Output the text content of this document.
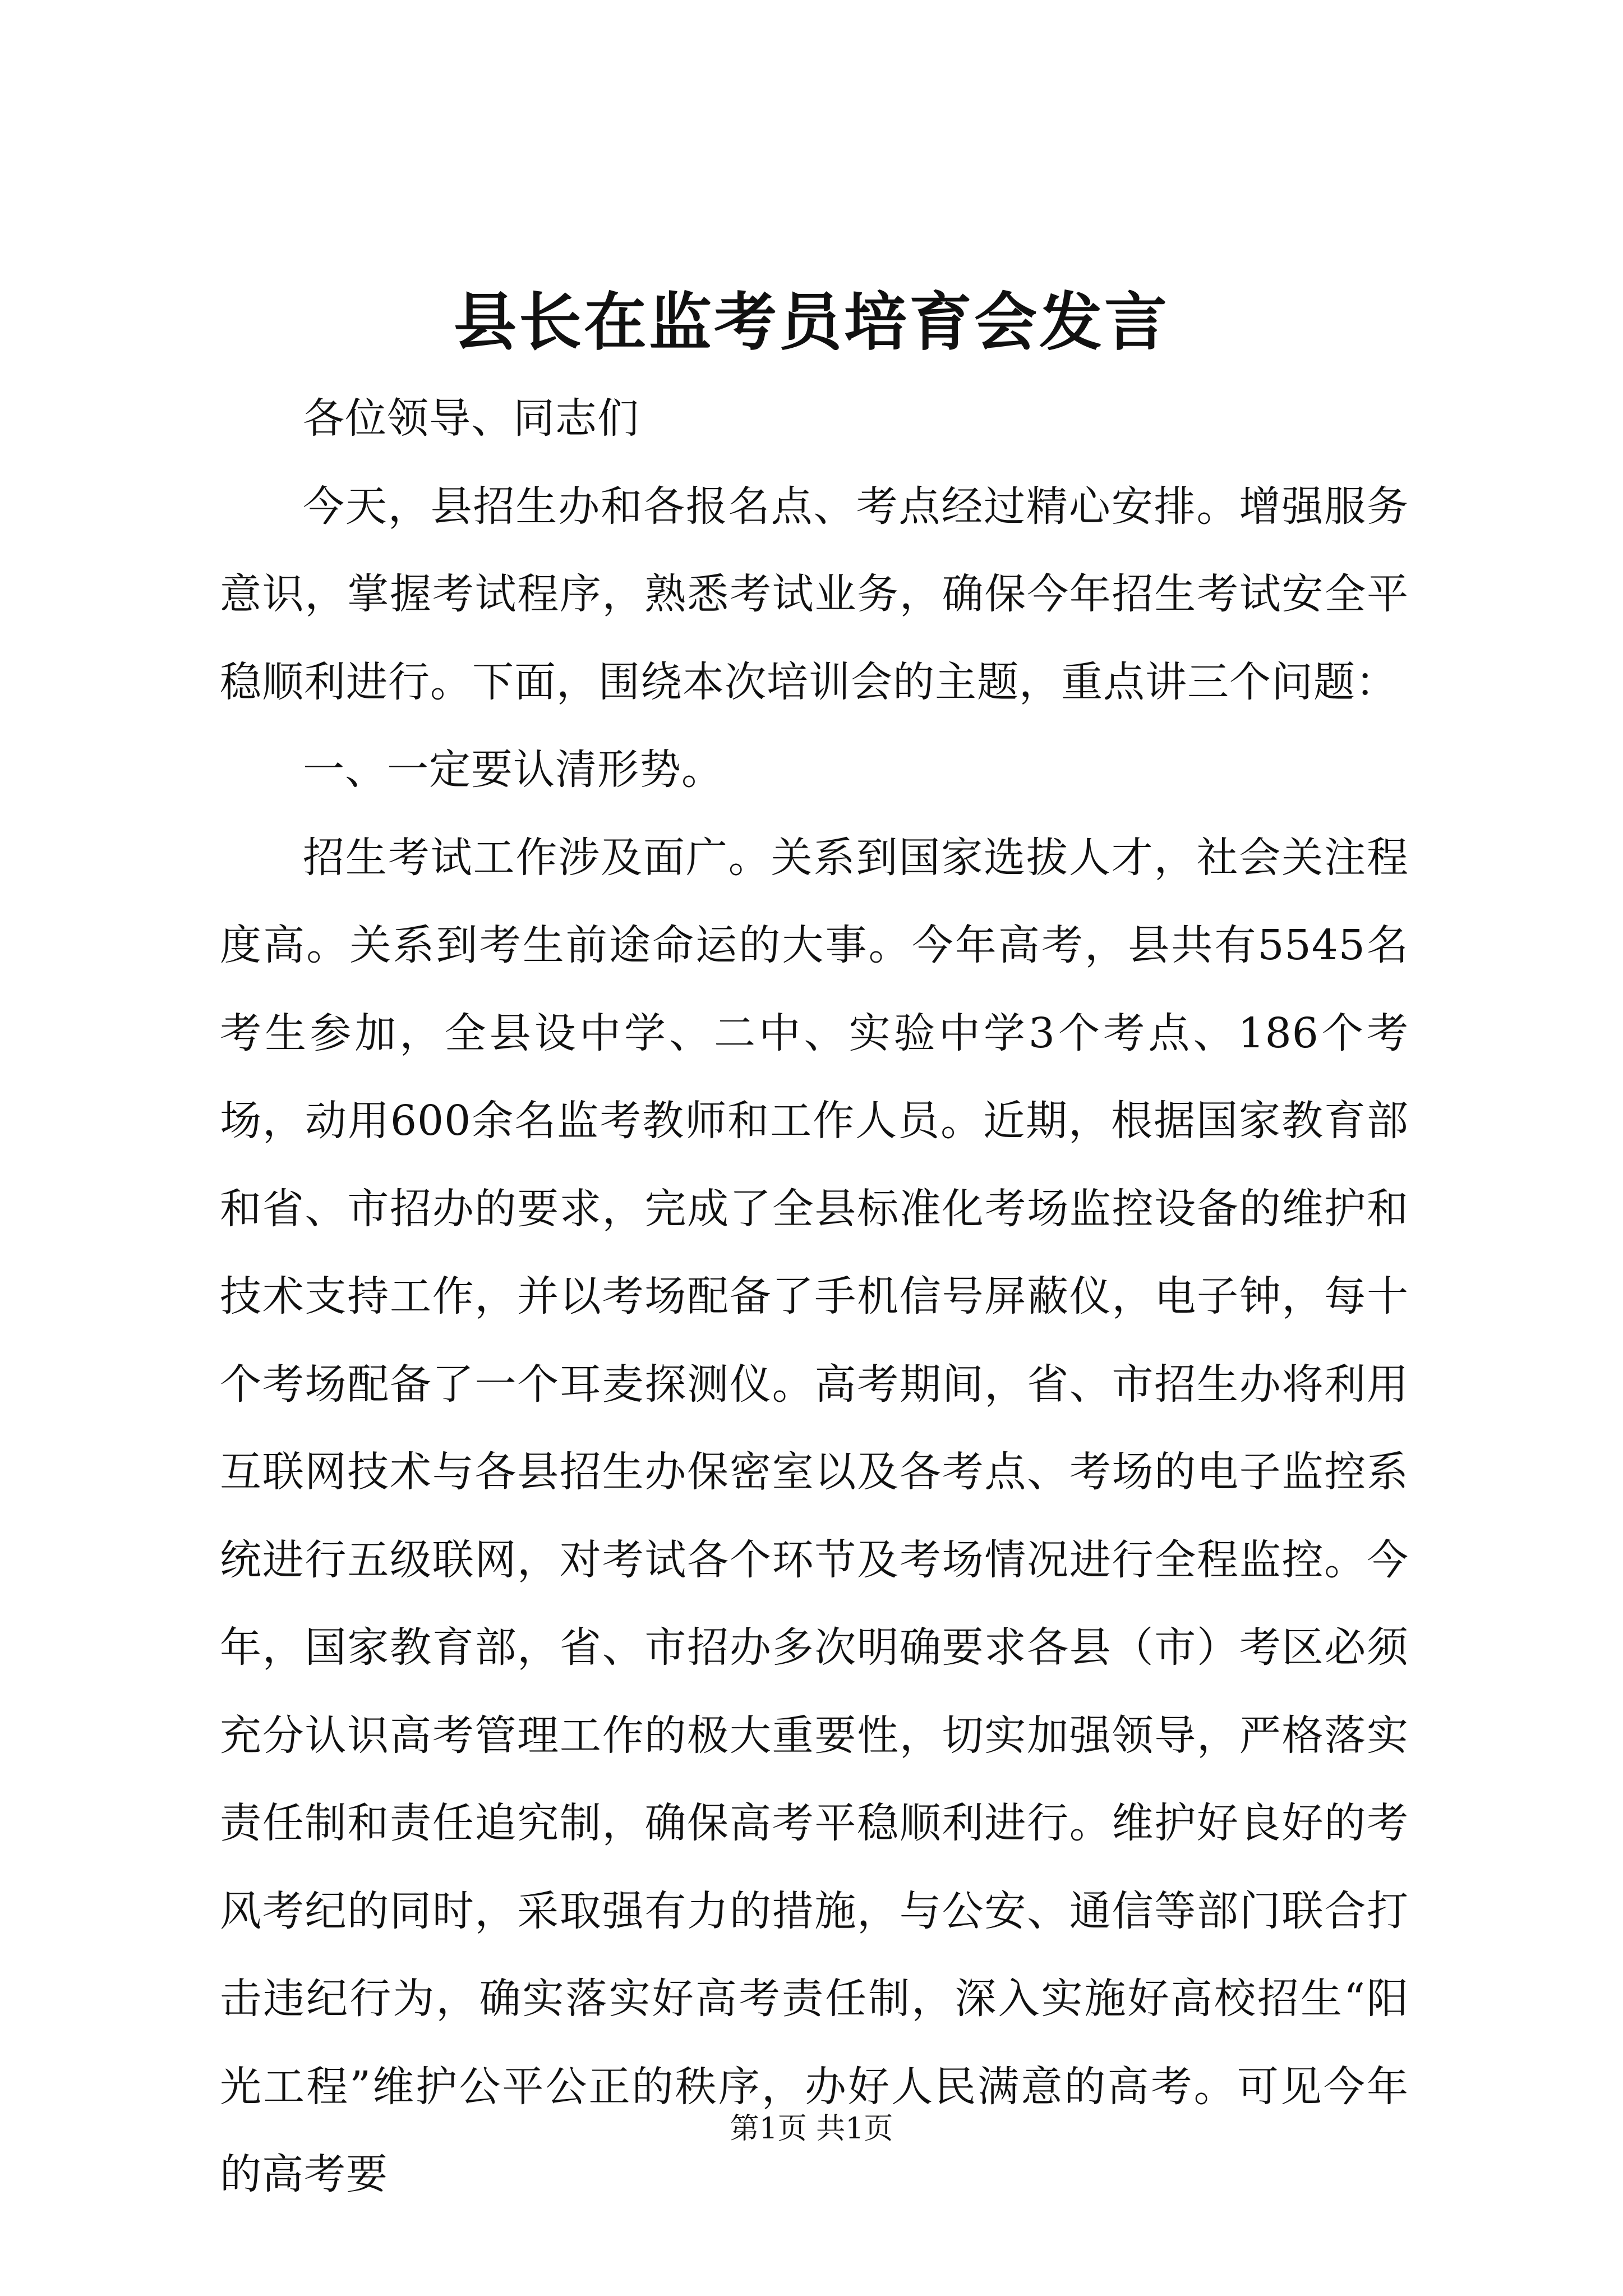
县长在监考员培育会发言

各位领导、同志们

今天，县招生办和各报名点、考点经过精心安排。增强服务意识，掌握考试程序，熟悉考试业务，确保今年招生考试安全平稳顺利进行。下面，围绕本次培训会的主题，重点讲三个问题：

一、一定要认清形势。

招生考试工作涉及面广。关系到国家选拔人才，社会关注程度高。关系到考生前途命运的大事。今年高考，县共有5545名考生参加，全县设中学、二中、实验中学3个考点、186个考场，动用600余名监考教师和工作人员。近期，根据国家教育部和省、市招办的要求，完成了全县标准化考场监控设备的维护和技术支持工作，并以考场配备了手机信号屏蔽仪，电子钟，每十个考场配备了一个耳麦探测仪。高考期间，省、市招生办将利用互联网技术与各县招生办保密室以及各考点、考场的电子监控系统进行五级联网，对考试各个环节及考场情况进行全程监控。今年，国家教育部，省、市招办多次明确要求各县（市）考区必须充分认识高考管理工作的极大重要性，切实加强领导，严格落实责任制和责任追究制，确保高考平稳顺利进行。维护好良好的考风考纪的同时，采取强有力的措施，与公安、通信等部门联合打击违纪行为，确实落实好高考责任制，深入实施好高校招生“阳光工程”维护公平公正的秩序，办好人民满意的高考。可见今年的高考要

第1页 共1页
